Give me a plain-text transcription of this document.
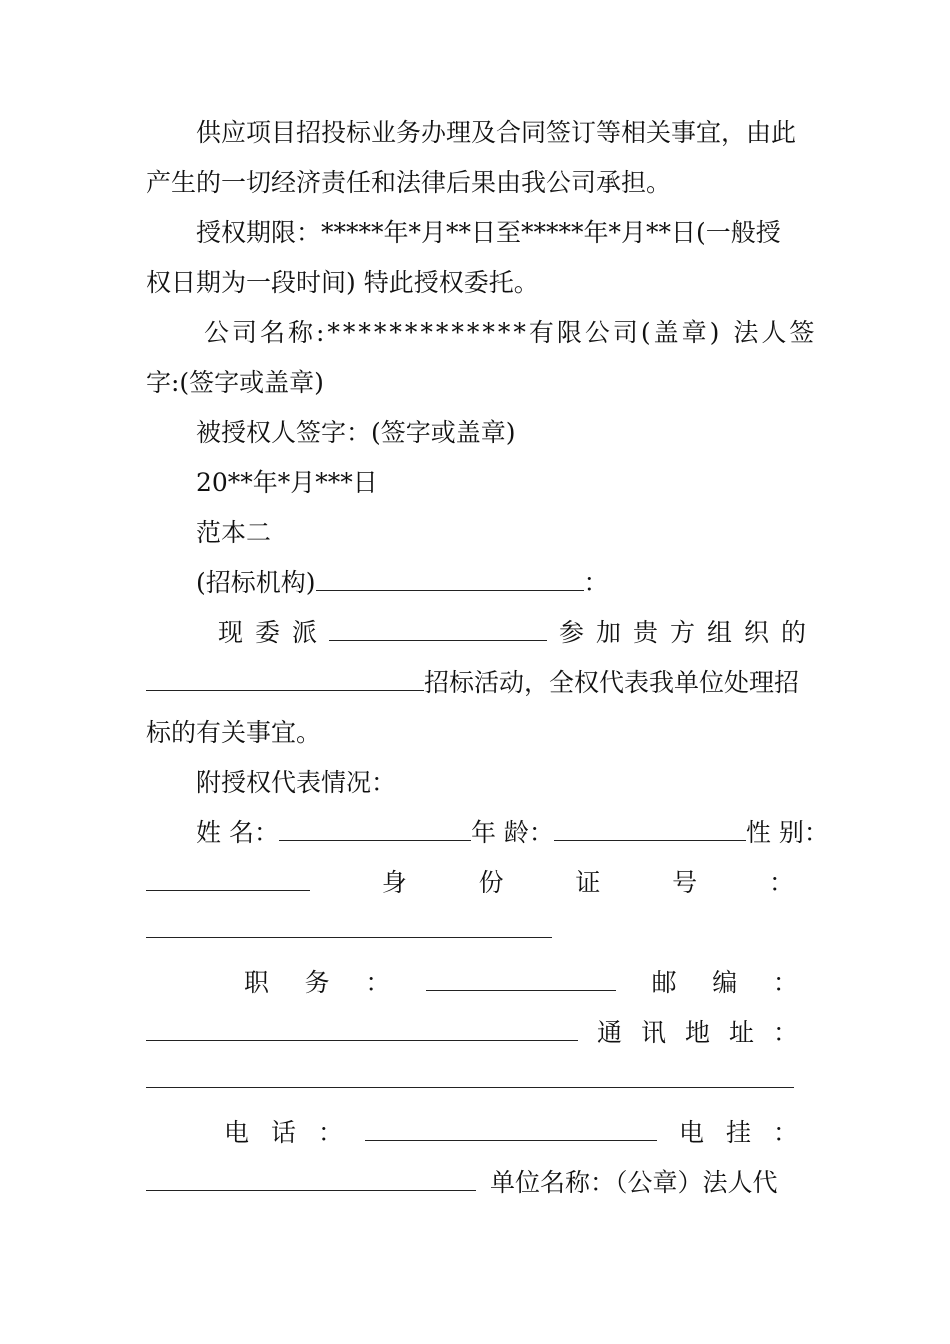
供应项目招投标业务办理及合同签订等相关事宜，由此
产生的一切经济责任和法律后果由我公司承担。
授权期限：*****年*月**日至*****年*月**日(一般授
权日期为一段时间) 特此授权委托。
公司名称:*************有限公司(盖章) 法人签
字:(签字或盖章)
被授权人签字：(签字或盖章)
20**年*月***日
范本二
(招标机构)	：
现 委 派	参 加 贵 方 组 织 的
招标活动，全权代表我单位处理招
标的有关事宜。
附授权代表情况：
姓 名：	年 龄：	性 别：
身	份	证	号	：
职 务 ：	邮 编 ：
通 讯 地 址 ：
电 话 ：	电 挂 ：
单位名称：（公章）法人代
